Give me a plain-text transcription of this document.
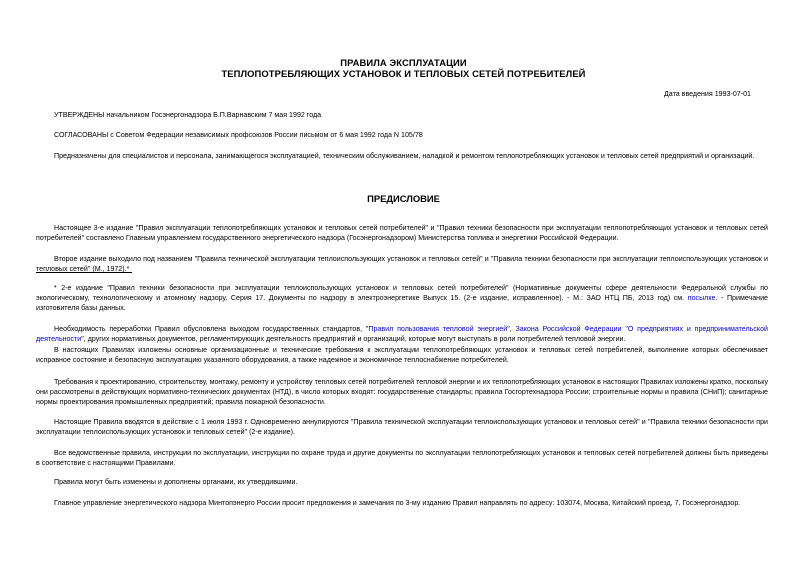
ПРАВИЛА ЭКСПЛУАТАЦИИ
ТЕПЛОПОТРЕБЛЯЮЩИХ УСТАНОВОК И ТЕПЛОВЫХ СЕТЕЙ ПОТРЕБИТЕЛЕЙ
Дата введения 1993-07-01
УТВЕРЖДЕНЫ начальником Госэнергонадзора Б.П.Варнавским 7 мая 1992 года
СОГЛАСОВАНЫ с Советом Федерации независимых профсоюзов России письмом от 6 мая 1992 года N 105/78
Предназначены для специалистов и персонала, занимающегося эксплуатацией, техническим обслуживанием, наладкой и ремонтом теплопотребляющих установок и тепловых сетей предприятий и организаций.
ПРЕДИСЛОВИЕ
Настоящее 3-е издание "Правил эксплуатации теплопотребляющих установок и тепловых сетей потребителей" и "Правил техники безопасности при эксплуатации теплопотребляющих установок и тепловых сетей потребителей" составлено Главным управлением государственного энергетического надзора (Госэнергонадзором) Министерства топлива и энергетики Российской Федерации.
Второе издание выходило под названием "Правила технической эксплуатации теплоиспользующих установок и тепловых сетей" и "Правила техники безопасности при эксплуатации теплоиспользующих установок и тепловых сетей" (М., 1972).*
* 2-е издание "Правил техники безопасности при эксплуатации теплоиспользующих установок и тепловых сетей потребителей" (Нормативные документы сфере деятельности Федеральной службы по экологическому, технологическому и атомному надзору. Серия 17. Документы по надзору в электроэнергетике Выпуск 15. (2-е издание, исправленное). - М.: ЗАО НТЦ ПБ, 2013 год) см. посылке. - Примечание изготовителя базы данных.
Необходимость переработки Правил обусловлена выходом государственных стандартов, "Правил пользования тепловой энергией", Закона Российской Федерации "О предприятиях и предпринимательской деятельности", других нормативных документов, регламентирующих деятельность предприятий и организаций, которые могут выступать в роли потребителей тепловой энергии.
В настоящих Правилах изложены основные организационные и технические требования к эксплуатации теплопотребляющих установок и тепловых сетей потребителей, выполнение которых обеспечивает исправное состояние и безопасную эксплуатацию указанного оборудования, а также надежное и экономичное теплоснабжение потребителей.
Требования к проектированию, строительству, монтажу, ремонту и устройству тепловых сетей потребителей тепловой энергии и их теплопотребляющих установок в настоящих Правилах изложены кратко, поскольку они рассмотрены в действующих нормативно-технических документах (НТД), в число которых входят: государственные стандарты; правила Госгортехнадзора России; строительные нормы и правила (СНиП); санитарные нормы проектирования промышленных предприятий; правила пожарной безопасности.
Настоящие Правила вводятся в действие с 1 июля 1993 г. Одновременно аннулируются "Правила технической эксплуатации теплоиспользующих установок и тепловых сетей" и "Правила техники безопасности при эксплуатации теплоиспользующих установок и тепловых сетей" (2-е издание).
Все ведомственные правила, инструкции по эксплуатации, инструкции по охране труда и другие документы по эксплуатации теплопотребляющих установок и тепловых сетей потребителей должны быть приведены в соответствие с настоящими Правилами.
Правила могут быть изменены и дополнены органами, их утвердившими.
Главное управление энергетического надзора Минтопэнерго России просит предложения и замечания по 3-му изданию Правил направлять по адресу: 103074, Москва, Китайский проезд, 7, Госэнергонадзор.
